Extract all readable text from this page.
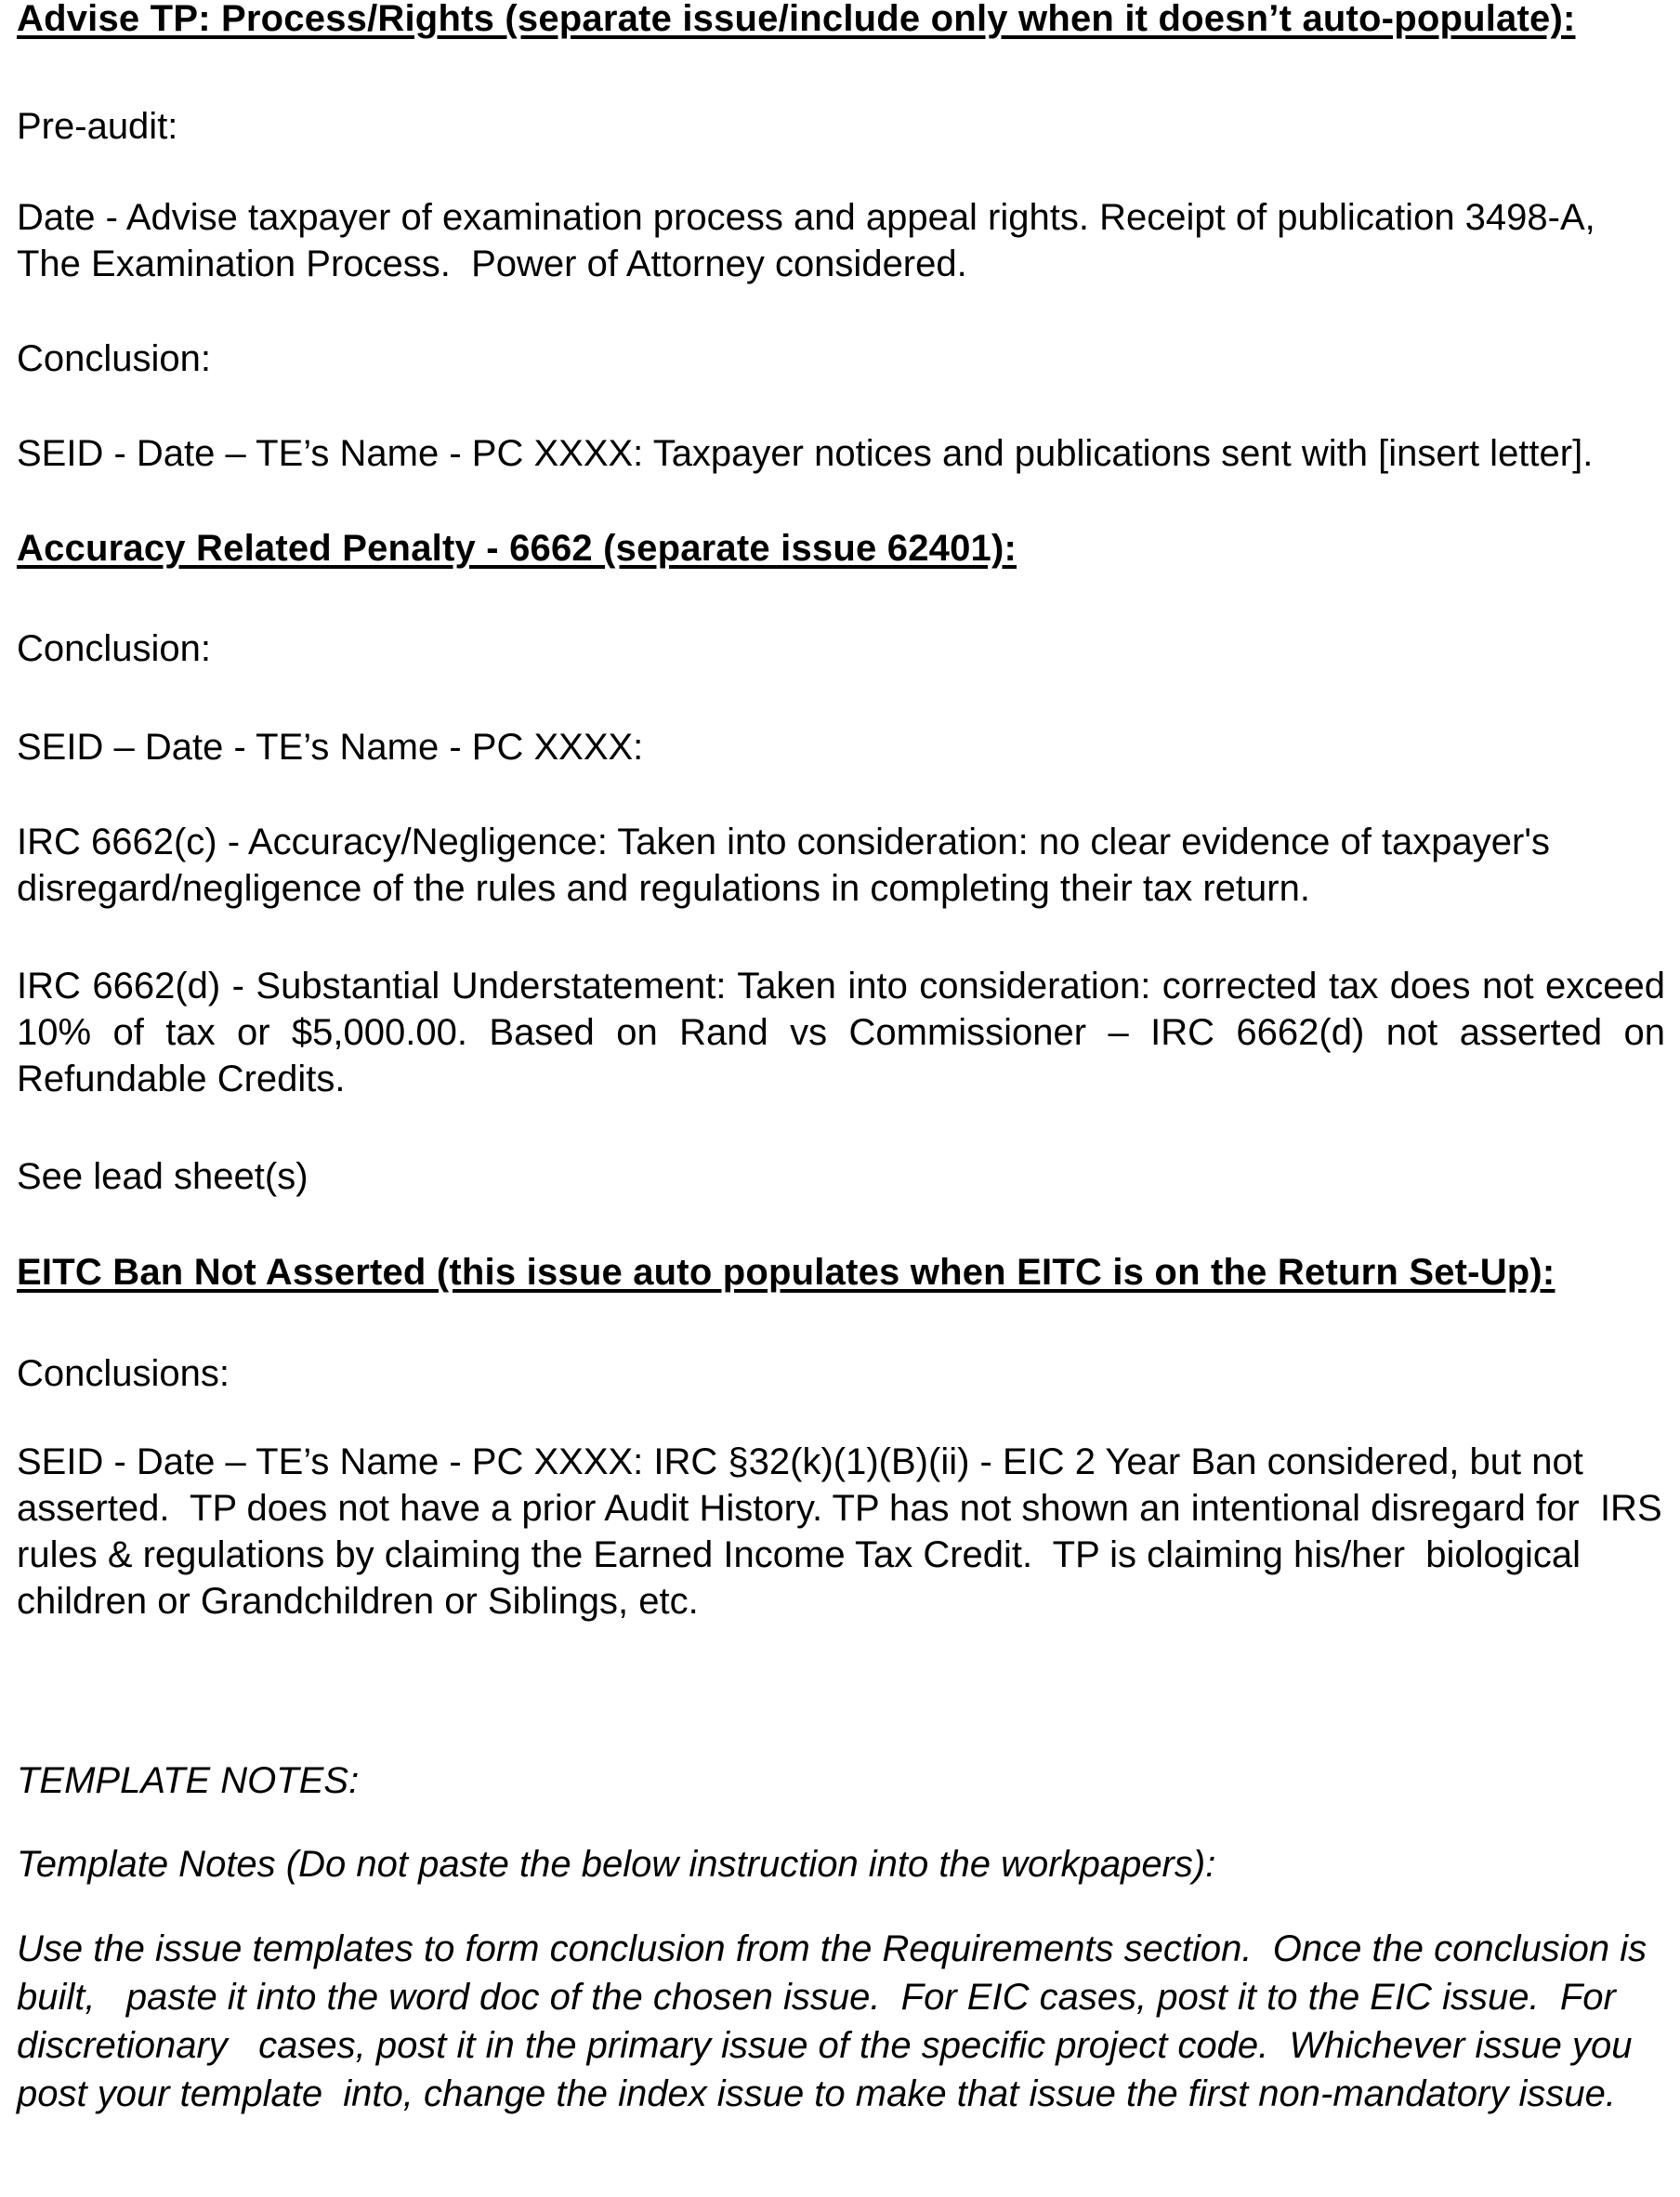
Advise TP: Process/Rights (separate issue/include only when it doesn’t auto-populate):
Pre-audit:
Date - Advise taxpayer of examination process and appeal rights. Receipt of publication 3498-A,  The Examination Process.  Power of Attorney considered.
Conclusion:
SEID - Date – TE’s Name - PC XXXX: Taxpayer notices and publications sent with [insert letter].
Accuracy Related Penalty - 6662 (separate issue 62401):
Conclusion:
SEID – Date - TE’s Name - PC XXXX:
IRC 6662(c) - Accuracy/Negligence: Taken into consideration: no clear evidence of taxpayer's disregard/negligence of the rules and regulations in completing their tax return.
IRC 6662(d) - Substantial Understatement: Taken into consideration: corrected tax does not exceed 10% of tax or $5,000.00. Based on Rand vs Commissioner – IRC 6662(d) not asserted on Refundable Credits.
See lead sheet(s)
EITC Ban Not Asserted (this issue auto populates when EITC is on the Return Set-Up):
Conclusions:
SEID - Date – TE’s Name - PC XXXX: IRC §32(k)(1)(B)(ii) - EIC 2 Year Ban considered, but not  asserted.  TP does not have a prior Audit History. TP has not shown an intentional disregard for  IRS rules & regulations by claiming the Earned Income Tax Credit.  TP is claiming his/her  biological children or Grandchildren or Siblings, etc.
TEMPLATE NOTES:
Template Notes (Do not paste the below instruction into the workpapers):
Use the issue templates to form conclusion from the Requirements section.  Once the conclusion is built,   paste it into the word doc of the chosen issue.  For EIC cases, post it to the EIC issue.  For discretionary   cases, post it in the primary issue of the specific project code.  Whichever issue you post your template  into, change the index issue to make that issue the first non-mandatory issue.
